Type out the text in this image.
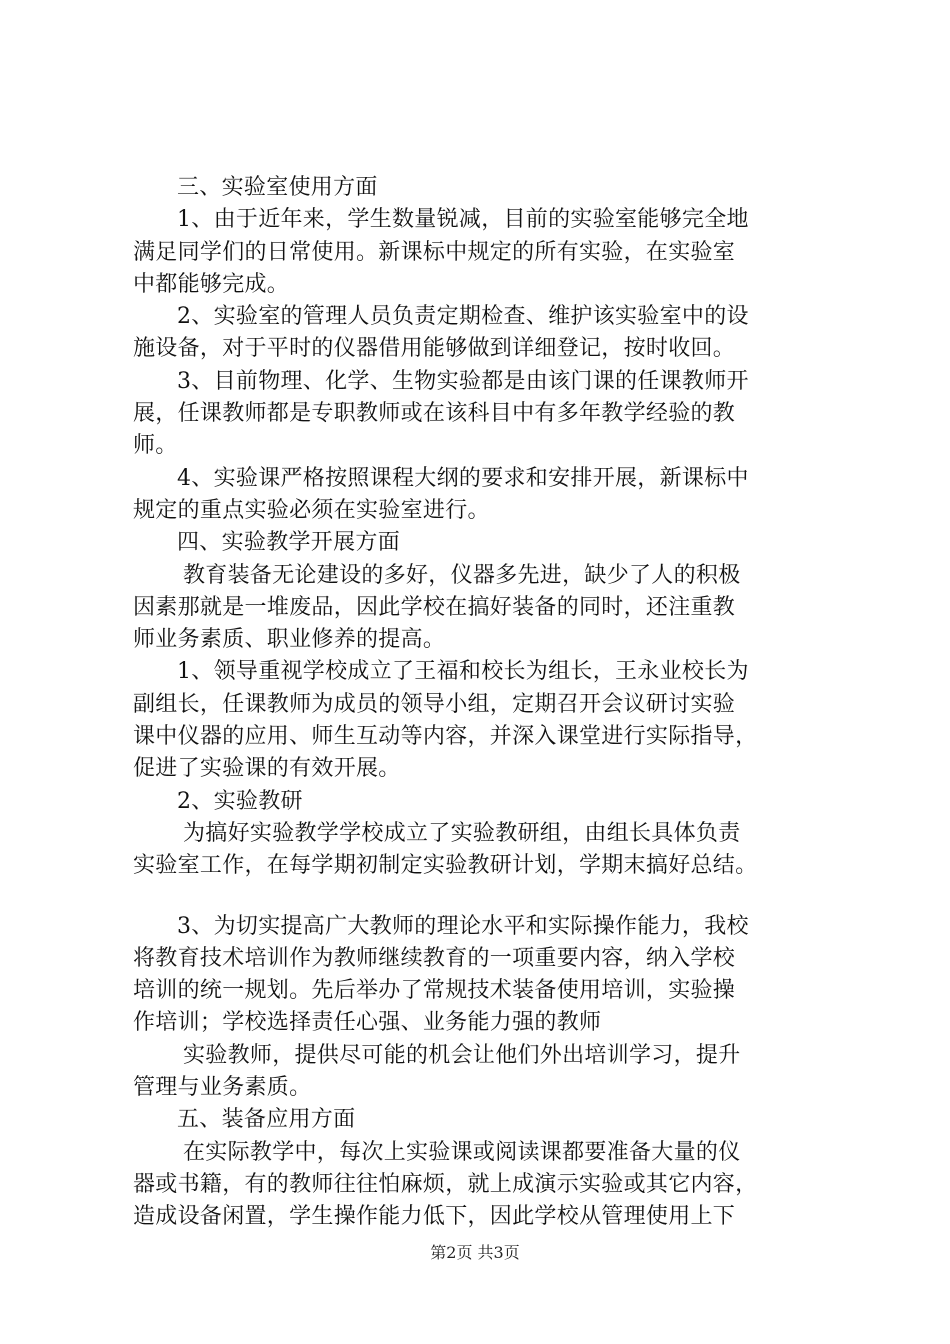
三、实验室使用方面
1、由于近年来，学生数量锐减，目前的实验室能够完全地
满足同学们的日常使用。新课标中规定的所有实验，在实验室
中都能够完成。
2、实验室的管理人员负责定期检查、维护该实验室中的设
施设备，对于平时的仪器借用能够做到详细登记，按时收回。
3、目前物理、化学、生物实验都是由该门课的任课教师开
展，任课教师都是专职教师或在该科目中有多年教学经验的教
师。
4、实验课严格按照课程大纲的要求和安排开展，新课标中
规定的重点实验必须在实验室进行。
四、实验教学开展方面
教育装备无论建设的多好，仪器多先进，缺少了人的积极
因素那就是一堆废品，因此学校在搞好装备的同时，还注重教
师业务素质、职业修养的提高。
1、领导重视学校成立了王福和校长为组长，王永业校长为
副组长，任课教师为成员的领导小组，定期召开会议研讨实验
课中仪器的应用、师生互动等内容，并深入课堂进行实际指导，
促进了实验课的有效开展。
2、实验教研
为搞好实验教学学校成立了实验教研组，由组长具体负责
实验室工作，在每学期初制定实验教研计划，学期末搞好总结。
3、为切实提高广大教师的理论水平和实际操作能力，我校
将教育技术培训作为教师继续教育的一项重要内容，纳入学校
培训的统一规划。先后举办了常规技术装备使用培训，实验操
作培训；学校选择责任心强、业务能力强的教师
实验教师，提供尽可能的机会让他们外出培训学习，提升
管理与业务素质。
五、装备应用方面
在实际教学中，每次上实验课或阅读课都要准备大量的仪
器或书籍，有的教师往往怕麻烦，就上成演示实验或其它内容，
造成设备闲置，学生操作能力低下，因此学校从管理使用上下
第2页 共3页
